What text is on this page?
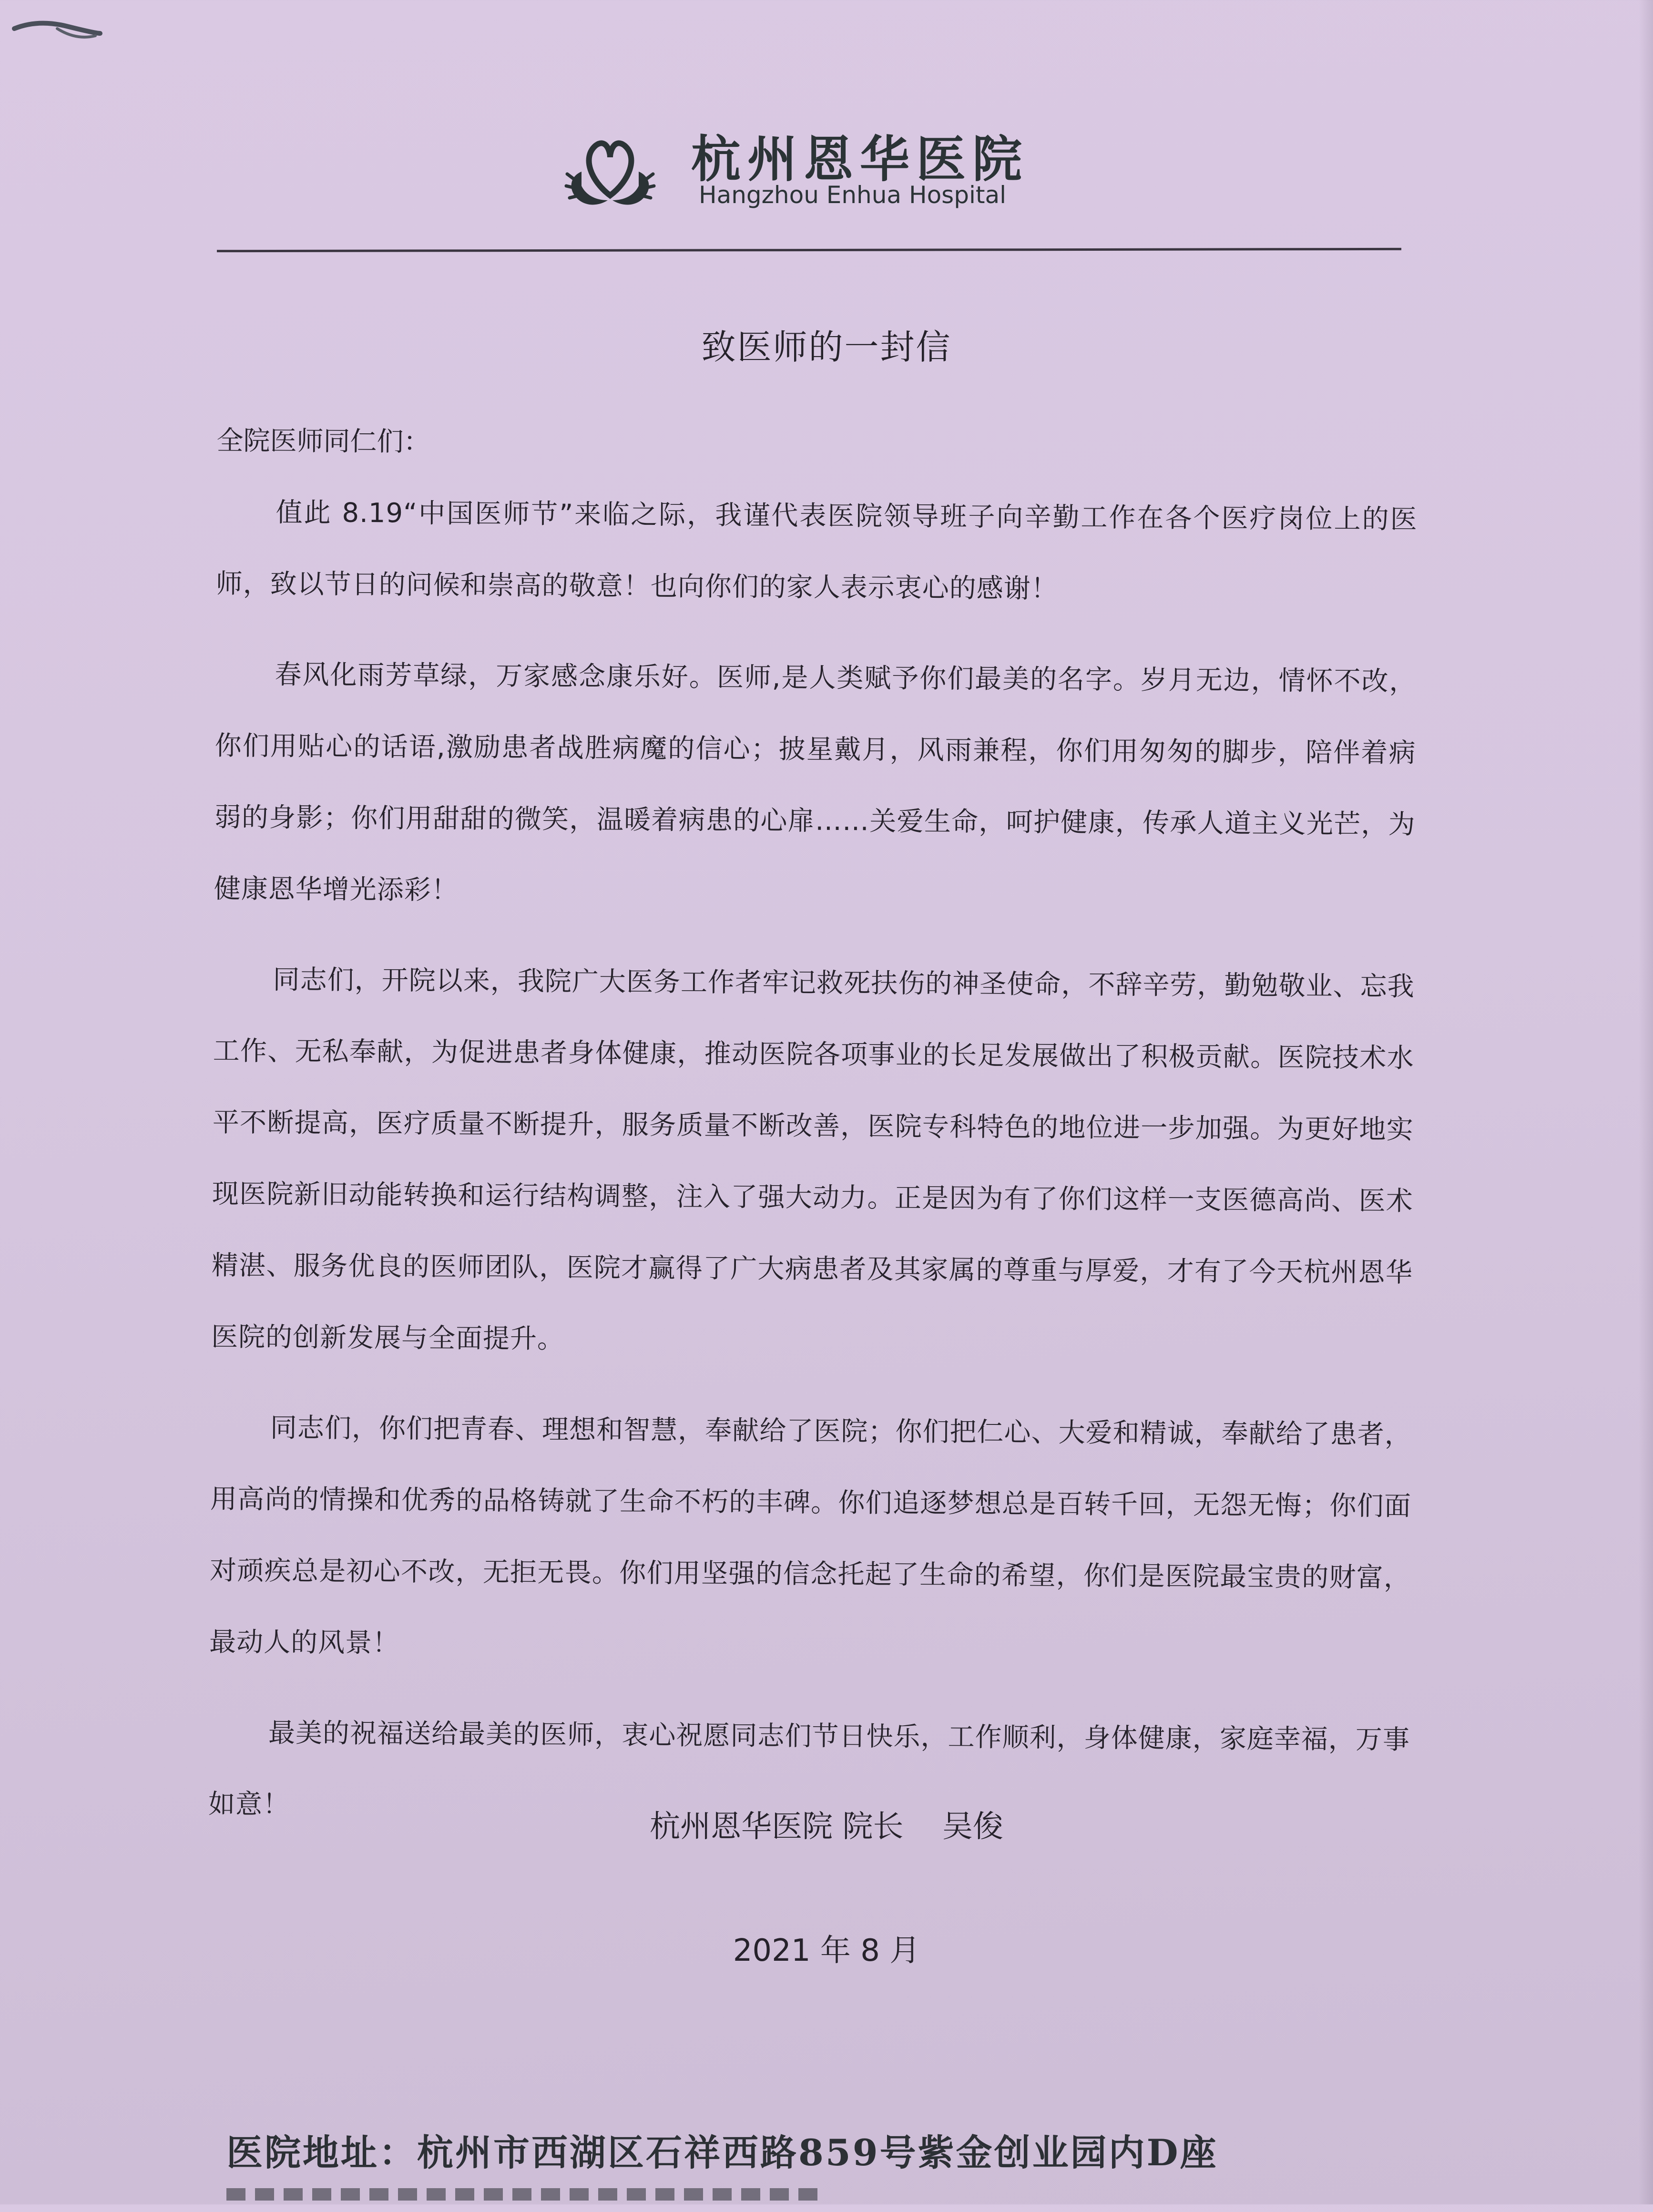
杭州恩华医院
Hangzhou Enhua Hospital
致医师的一封信

全院医师同仁们：

值此 8.19“中国医师节”来临之际，我谨代表医院领导班子向辛勤工作在各个医疗岗位上的医师，致以节日的问候和崇高的敬意！也向你们的家人表示衷心的感谢！

春风化雨芳草绿，万家感念康乐好。医师,是人类赋予你们最美的名字。岁月无边，情怀不改，你们用贴心的话语,激励患者战胜病魔的信心；披星戴月，风雨兼程，你们用匆匆的脚步，陪伴着病弱的身影；你们用甜甜的微笑，温暖着病患的心扉……关爱生命，呵护健康，传承人道主义光芒，为健康恩华增光添彩！

同志们，开院以来，我院广大医务工作者牢记救死扶伤的神圣使命，不辞辛劳，勤勉敬业、忘我工作、无私奉献，为促进患者身体健康，推动医院各项事业的长足发展做出了积极贡献。医院技术水平不断提高，医疗质量不断提升，服务质量不断改善，医院专科特色的地位进一步加强。为更好地实现医院新旧动能转换和运行结构调整，注入了强大动力。正是因为有了你们这样一支医德高尚、医术精湛、服务优良的医师团队，医院才赢得了广大病患者及其家属的尊重与厚爱，才有了今天杭州恩华医院的创新发展与全面提升。

同志们，你们把青春、理想和智慧，奉献给了医院；你们把仁心、大爱和精诚，奉献给了患者，用高尚的情操和优秀的品格铸就了生命不朽的丰碑。你们追逐梦想总是百转千回，无怨无悔；你们面对顽疾总是初心不改，无拒无畏。你们用坚强的信念托起了生命的希望，你们是医院最宝贵的财富，最动人的风景！

最美的祝福送给最美的医师，衷心祝愿同志们节日快乐，工作顺利，身体健康，家庭幸福，万事如意！

杭州恩华医院 院长 吴俊
2021 年 8 月
医院地址：杭州市西湖区石祥西路859号紫金创业园内D座
